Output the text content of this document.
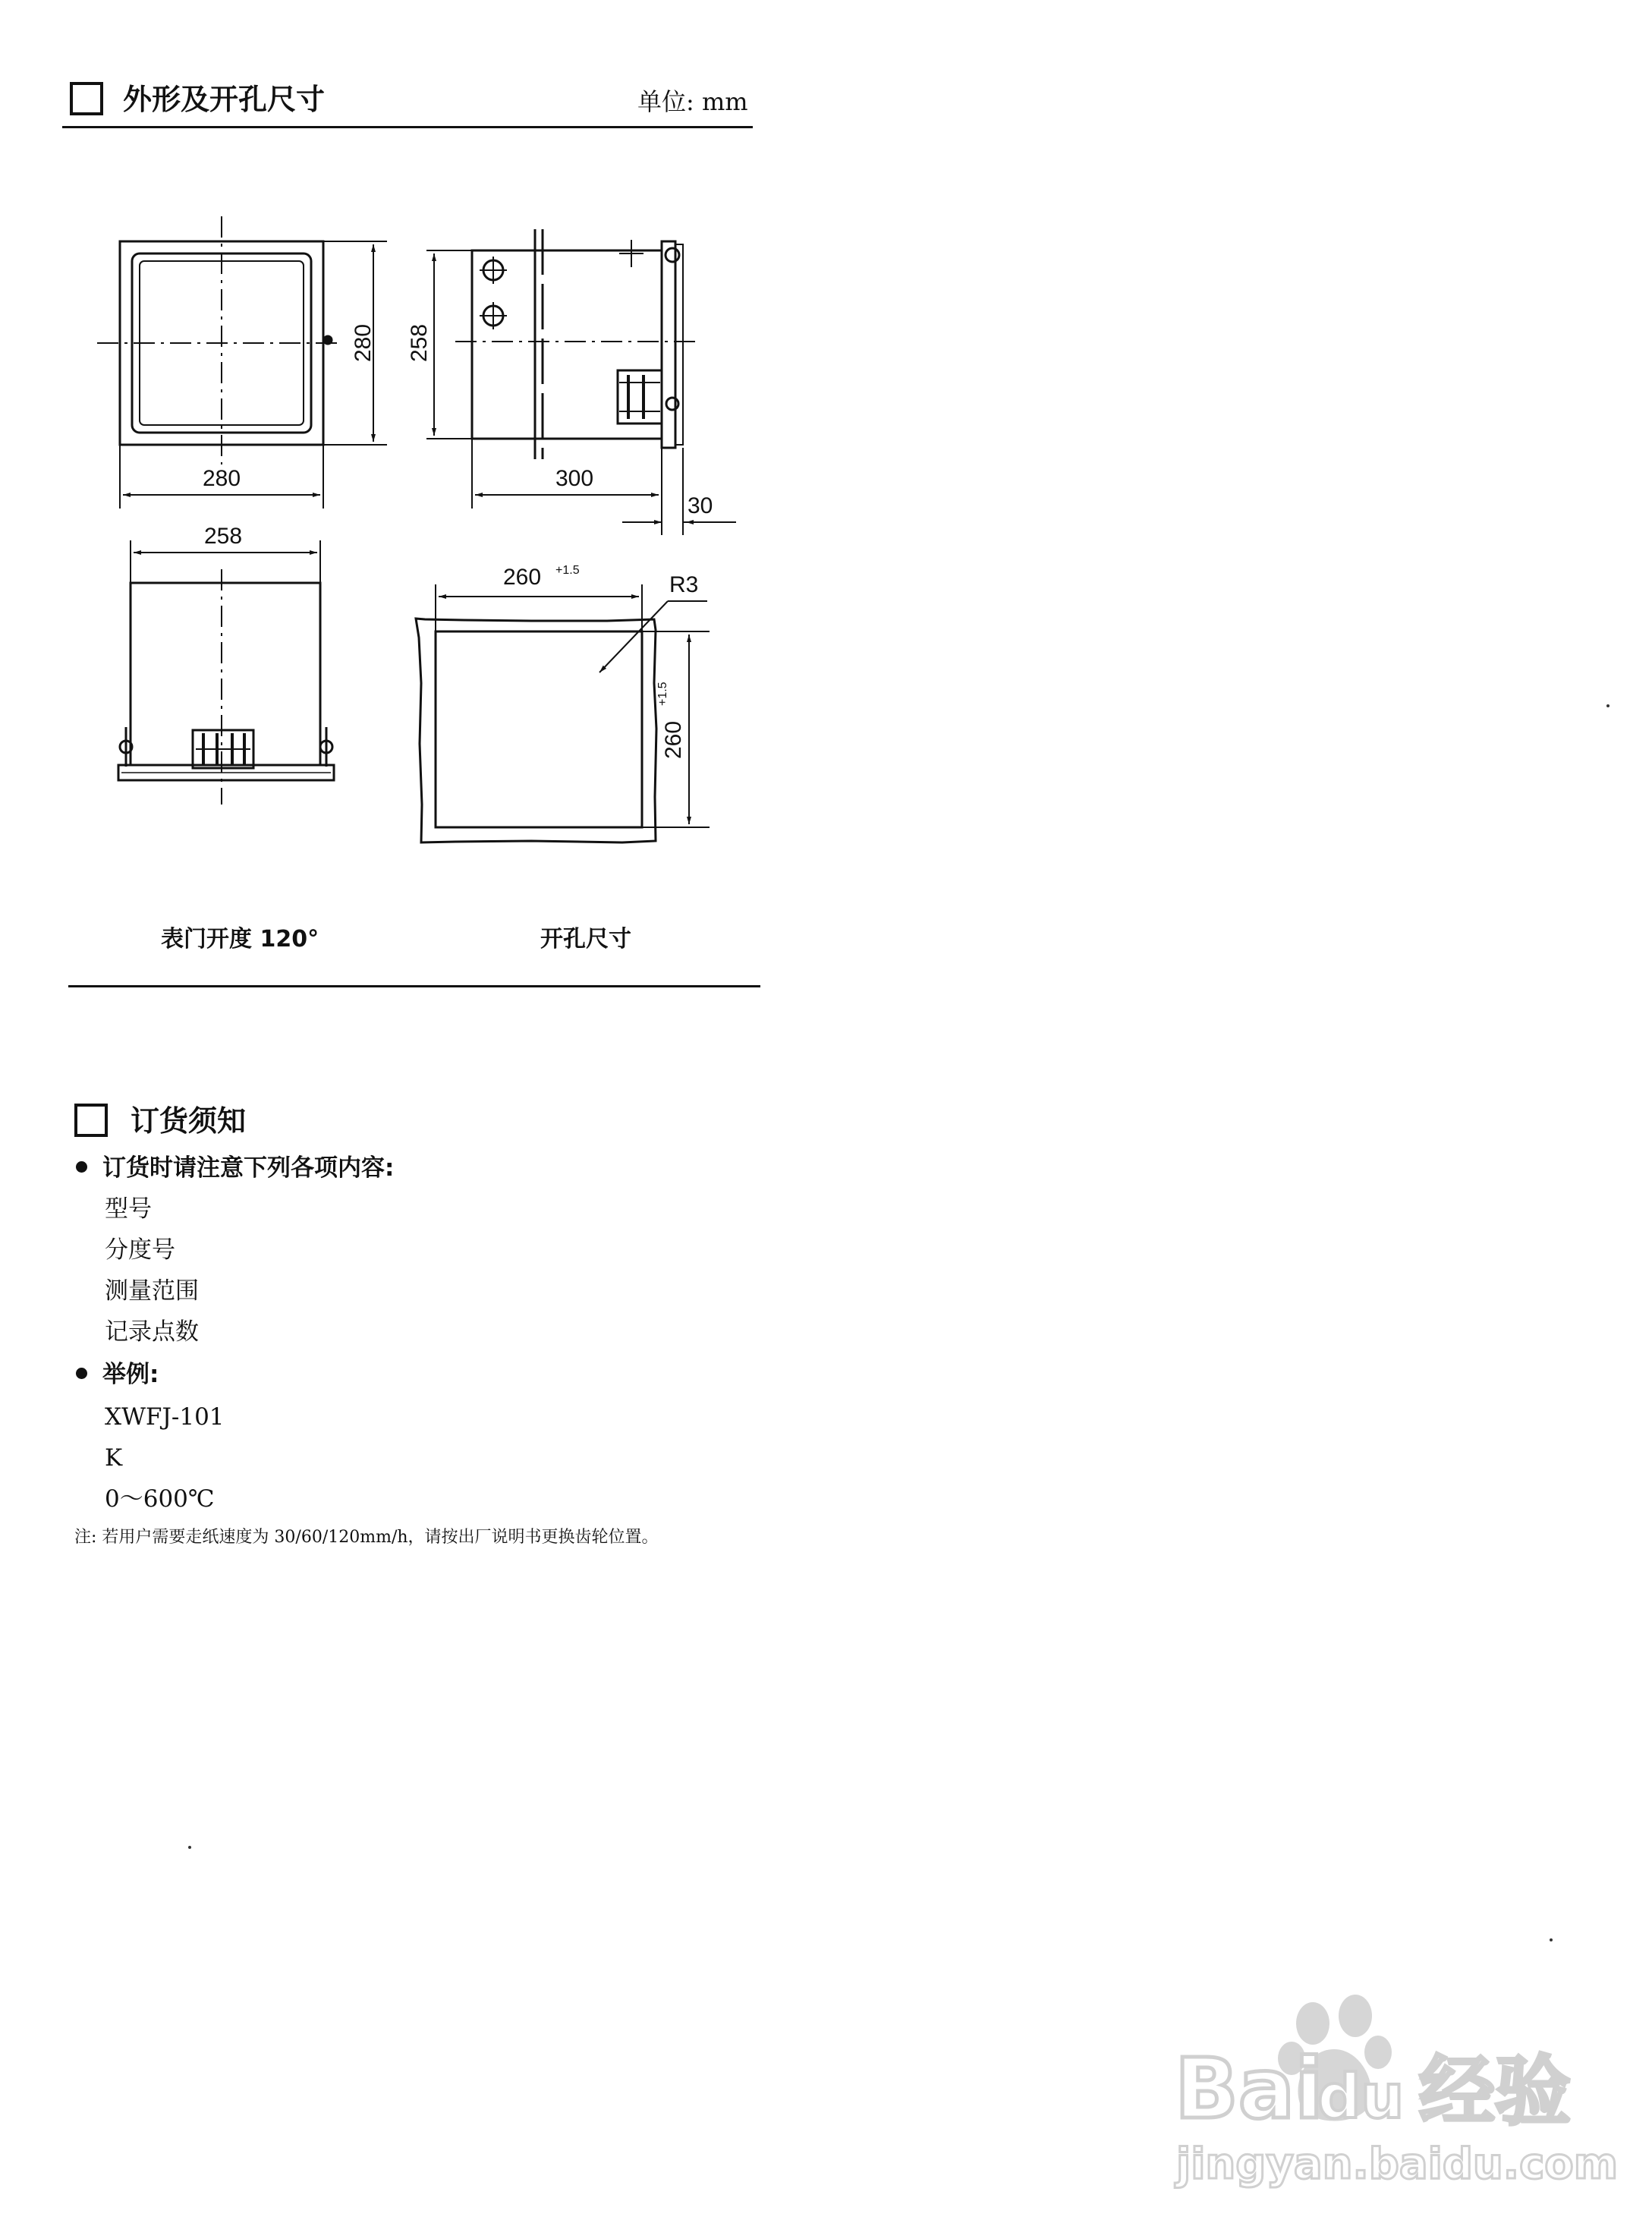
外形及开孔尺寸	单位: mm
280
280 258
300
30
258
260 +1.5
260
+1.5
R3
表门开度 120°	开孔尺寸
订货须知
订货时请注意下列各项内容:
型号
分度号
测量范围
记录点数
举例:
XWFJ-101
K
0～600℃
注: 若用户需要走纸速度为 30/60/120mm/h，请按出厂说明书更换齿轮位置。
Bai
du 经验
jingyan.baidu.com
